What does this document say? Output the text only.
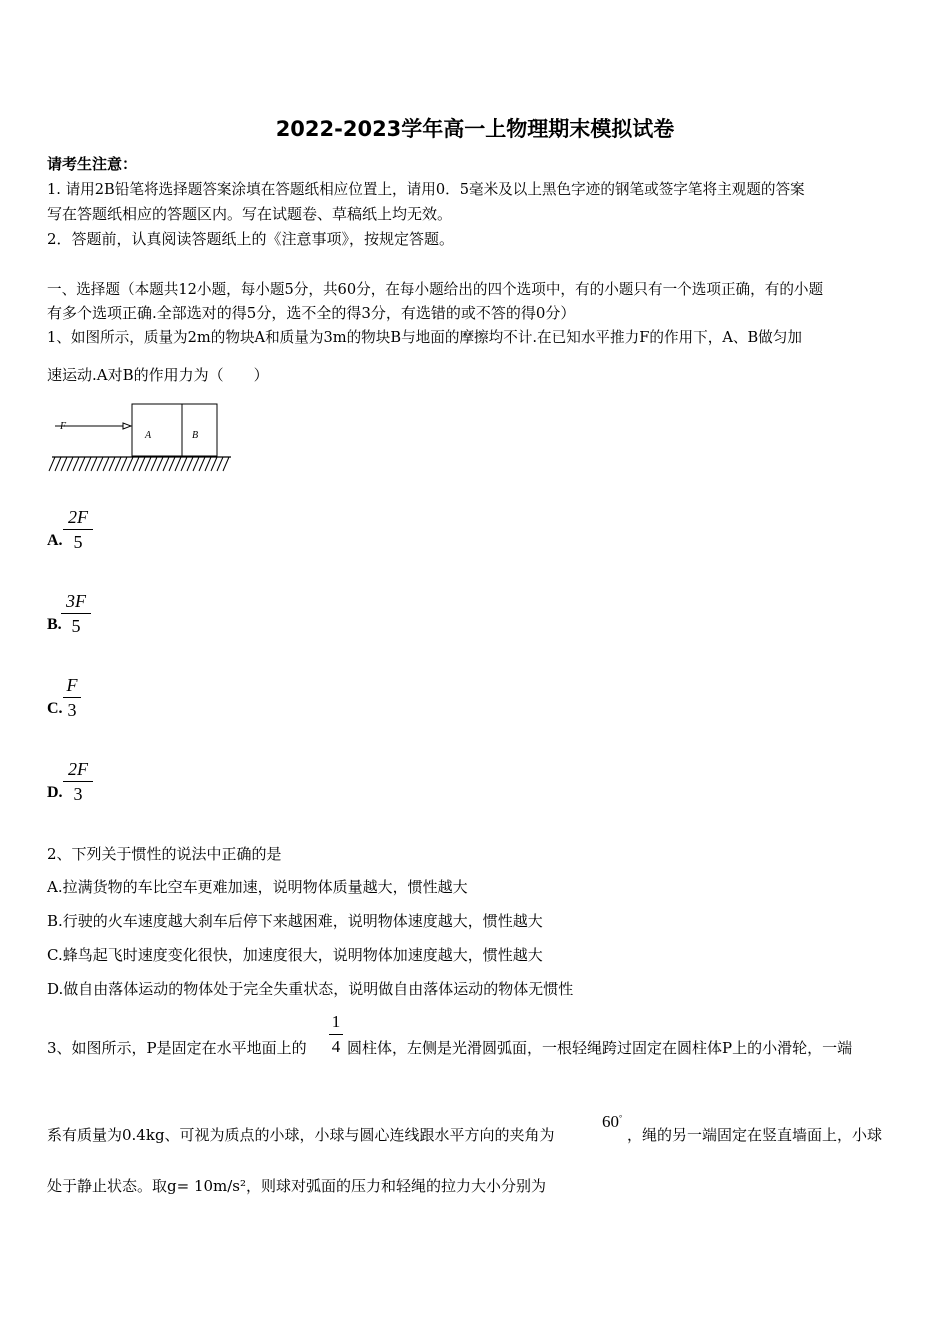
2022-2023学年高一上物理期末模拟试卷
请考生注意：
1. 请用2B铅笔将选择题答案涂填在答题纸相应位置上，请用0．5毫米及以上黑色字迹的钢笔或签字笔将主观题的答案
写在答题纸相应的答题区内。写在试题卷、草稿纸上均无效。
2．答题前，认真阅读答题纸上的《注意事项》，按规定答题。
一、选择题（本题共12小题，每小题5分，共60分，在每小题给出的四个选项中，有的小题只有一个选项正确，有的小题
有多个选项正确.全部选对的得5分，选不全的得3分，有选错的或不答的得0分）
1、如图所示，质量为2m的物块A和质量为3m的物块B与地面的摩擦均不计.在已知水平推力F的作用下，A、B做匀加
速运动.A对B的作用力为（　　）
F
A	B
A.
2F
5
B.
3F
5
C.
F
3
D.
2F
3
2、下列关于惯性的说法中正确的是
A.拉满货物的车比空车更难加速，说明物体质量越大，惯性越大
B.行驶的火车速度越大刹车后停下来越困难，说明物体速度越大，惯性越大
C.蜂鸟起飞时速度变化很快，加速度很大，说明物体加速度越大，惯性越大
D.做自由落体运动的物体处于完全失重状态，说明做自由落体运动的物体无惯性
3、如图所示，P是固定在水平地面上的
1
4 圆柱体，左侧是光滑圆弧面，一根轻绳跨过固定在圆柱体P上的小滑轮，一端
系有质量为0.4kg、可视为质点的小球，小球与圆心连线跟水平方向的夹角为
60°
，绳的另一端固定在竖直墙面上，小球
处于静止状态。取g= 10m/s²，则球对弧面的压力和轻绳的拉力大小分别为
